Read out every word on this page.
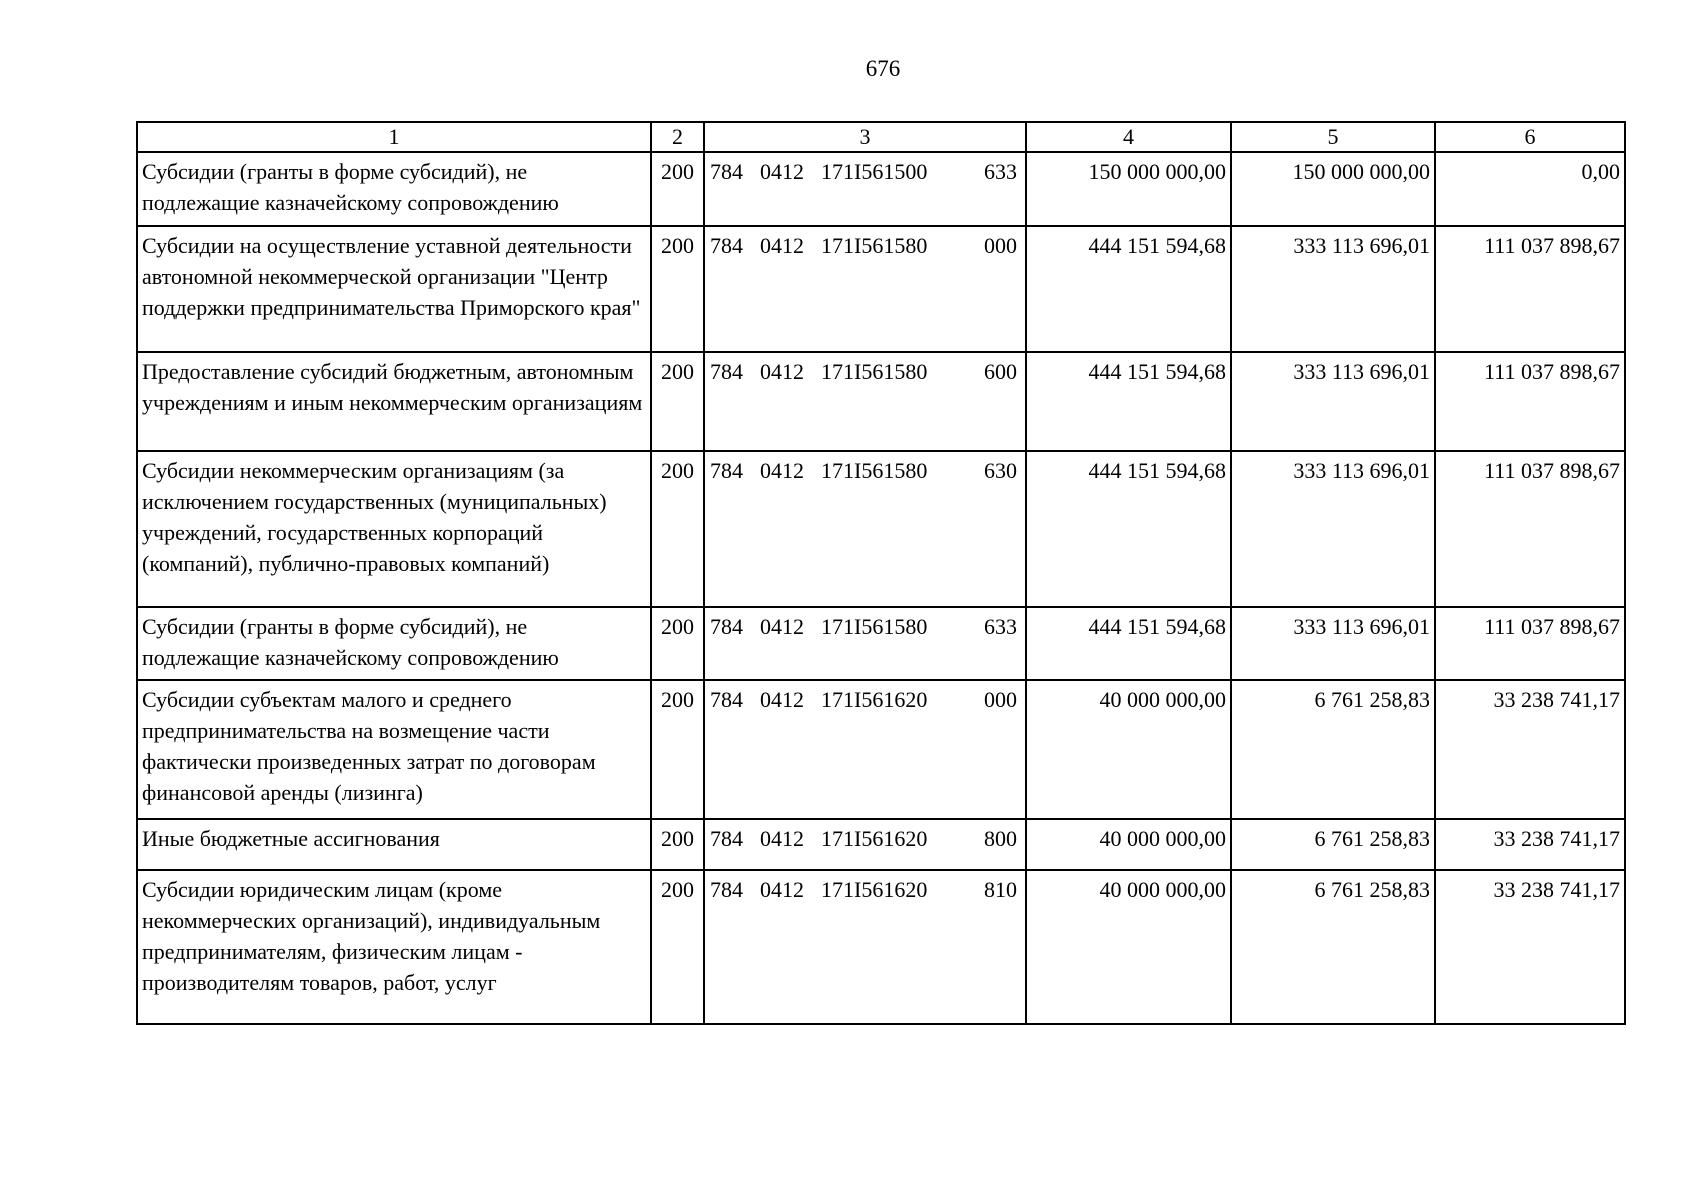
676
1	2	3	4	5	6
Субсидии (гранты в форме субсидий), не подлежащие казначейскому сопровождению	200	784 0412 171I561500 633	150 000 000,00	150 000 000,00	0,00
Субсидии на осуществление уставной деятельности автономной некоммерческой организации "Центр поддержки предпринимательства Приморского края"	200	784 0412 171I561580 000	444 151 594,68	333 113 696,01	111 037 898,67
Предоставление субсидий бюджетным, автономным учреждениям и иным некоммерческим организациям	200	784 0412 171I561580 600	444 151 594,68	333 113 696,01	111 037 898,67
Субсидии некоммерческим организациям (за исключением государственных (муниципальных) учреждений, государственных корпораций (компаний), публично-правовых компаний)	200	784 0412 171I561580 630	444 151 594,68	333 113 696,01	111 037 898,67
Субсидии (гранты в форме субсидий), не подлежащие казначейскому сопровождению	200	784 0412 171I561580 633	444 151 594,68	333 113 696,01	111 037 898,67
Субсидии субъектам малого и среднего предпринимательства на возмещение части фактически произведенных затрат по договорам финансовой аренды (лизинга)	200	784 0412 171I561620 000	40 000 000,00	6 761 258,83	33 238 741,17
Иные бюджетные ассигнования	200	784 0412 171I561620 800	40 000 000,00	6 761 258,83	33 238 741,17
Субсидии юридическим лицам (кроме некоммерческих организаций), индивидуальным предпринимателям, физическим лицам - производителям товаров, работ, услуг	200	784 0412 171I561620 810	40 000 000,00	6 761 258,83	33 238 741,17
